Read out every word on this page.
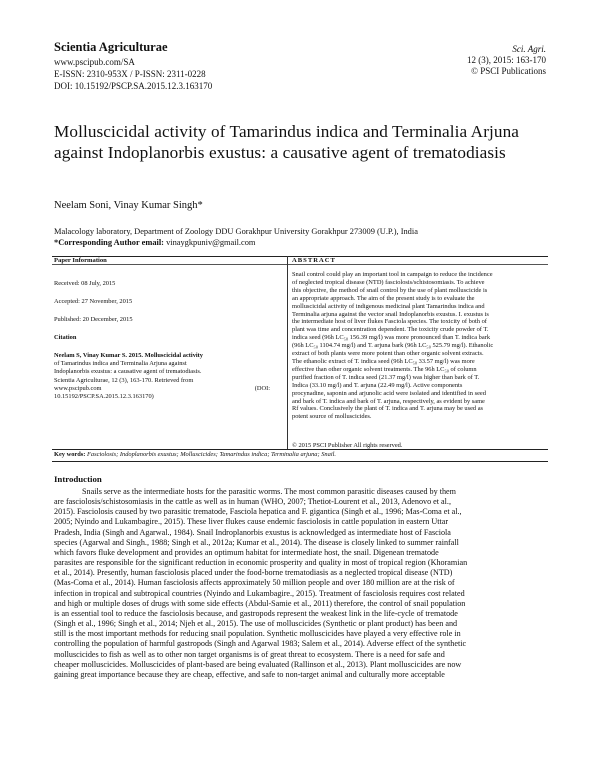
Scientia Agriculturae
www.pscipub.com/SA
E-ISSN: 2310-953X / P-ISSN: 2311-0228
DOI: 10.15192/PSCP.SA.2015.12.3.163170
Sci. Agri.
12 (3), 2015: 163-170
© PSCI Publications
Molluscicidal activity of Tamarindus indica and Terminalia Arjuna against Indoplanorbis exustus: a causative agent of trematodiasis
Neelam Soni, Vinay Kumar Singh*
Malacology laboratory, Department of Zoology DDU Gorakhpur University Gorakhpur 273009 (U.P.), India
*Corresponding Author email: vinaygkpuniv@gmail.com
Paper Information	ABSTRACT
Received: 08 July, 2015
Accepted: 27 November, 2015
Published: 20 December, 2015
Citation
Neelam S, Vinay Kumar S. 2015. Molluscicidal activity
of Tamarindus indica and Terminalia Arjuna against
Indoplanorbis exustus: a causative agent of trematodiasis.
Scientia Agriculturae, 12 (3), 163-170. Retrieved from
www.pscipub.com	(DOI:
10.15192/PSCP.SA.2015.12.3.163170)
Snail control could play an important tool in campaign to reduce the incidence
of neglected tropical disease (NTD) fasciolosis/schistosomiasis. To achieve
this objective, the method of snail control by the use of plant molluscicide is
an appropriate approach. The aim of the present study is to evaluate the
molluscicidal activity of indigenous medicinal plant Tamarindus indica and
Terminalia arjuna against the vector snail Indoplanorbis exustus. I. exustus is
the intermediate host of liver flukes Fasciola species. The toxicity of both of
plant was time and concentration dependent. The toxicity crude powder of T.
indica seed (96h LC₅₀ 156.39 mg/l) was more pronounced than T. indica bark
(96h LC₅₀ 1104.74 mg/l) and T. arjuna bark (96h LC₅₀ 525.79 mg/l). Ethanolic
extract of both plants were more potent than other organic solvent extracts.
The ethanolic extract of T. indica seed (96h LC₅₀ 33.57 mg/l) was more
effective than other organic solvent treatments. The 96h LC₅₀ of column
purified fraction of T. indica seed (21.37 mg/l) was higher than bark of T.
Indica (33.10 mg/l) and T. arjuna (22.49 mg/l). Active components
procynadine, saponin and arjunolic acid were isolated and identified in seed
and bark of T. indica and bark of T. arjuna, respectively, as evident by same
Rf values. Conclusively the plant of T. indica and T. arjuna may be used as
potent source of molluscicides.
© 2015 PSCI Publisher All rights reserved.
Key words: Fasciolosis; Indoplanorbis exustus; Molluscicides; Tamarindus indica; Terminalia arjuna; Snail.
Introduction
Snails serve as the intermediate hosts for the parasitic worms. The most common parasitic diseases caused by them
are fasciolosis/schistosomiasis in the cattle as well as in human (WHO, 2007; Thetiot-Lourent et al., 2013, Adenovo et al.,
2015). Fasciolosis caused by two parasitic trematode, Fasciola hepatica and F. gigantica (Singh et al., 1996; Mas-Coma et al.,
2005; Nyindo and Lukambagire., 2015). These liver flukes cause endemic fasciolosis in cattle population in eastern Uttar
Pradesh, India (Singh and Agarwal., 1984). Snail Indroplanorbis exustus is acknowledged as intermediate host of Fasciola
species (Agarwal and Singh., 1988; Singh et al., 2012a; Kumar et al., 2014). The disease is closely linked to summer rainfall
which favors fluke development and provides an optimum habitat for intermediate host, the snail. Digenean trematode
parasites are responsible for the significant reduction in economic prosperity and quality in most of tropical region (Khoramian
et al., 2014). Presently, human fasciolosis placed under the food-borne trematodiasis as a neglected tropical disease (NTD)
(Mas-Coma et al., 2014). Human fasciolosis affects approximately 50 million people and over 180 million are at the risk of
infection in tropical and subtropical countries (Nyindo and Lukambagire., 2015). Treatment of fasciolosis requires cost related
and high or multiple doses of drugs with some side effects (Abdul-Samie et al., 2011) therefore, the control of snail population
is an essential tool to reduce the fasciolosis because, and gastropods represent the weakest link in the life-cycle of trematode
(Singh et al., 1996; Singh et al., 2014; Njeh et al., 2015). The use of molluscicides (Synthetic or plant product) has been and
still is the most important methods for reducing snail population. Synthetic molluscicides have played a very effective role in
controlling the population of harmful gastropods (Singh and Agarwal 1983; Salem et al., 2014). Adverse effect of the synthetic
molluscicides to fish as well as to other non target organisms is of great threat to ecosystem. There is a need for safe and
cheaper molluscicides. Molluscicides of plant-based are being evaluated (Rallinson et al., 2013). Plant molluscicides are now
gaining great importance because they are cheap, effective, and safe to non-target animal and culturally more acceptable
